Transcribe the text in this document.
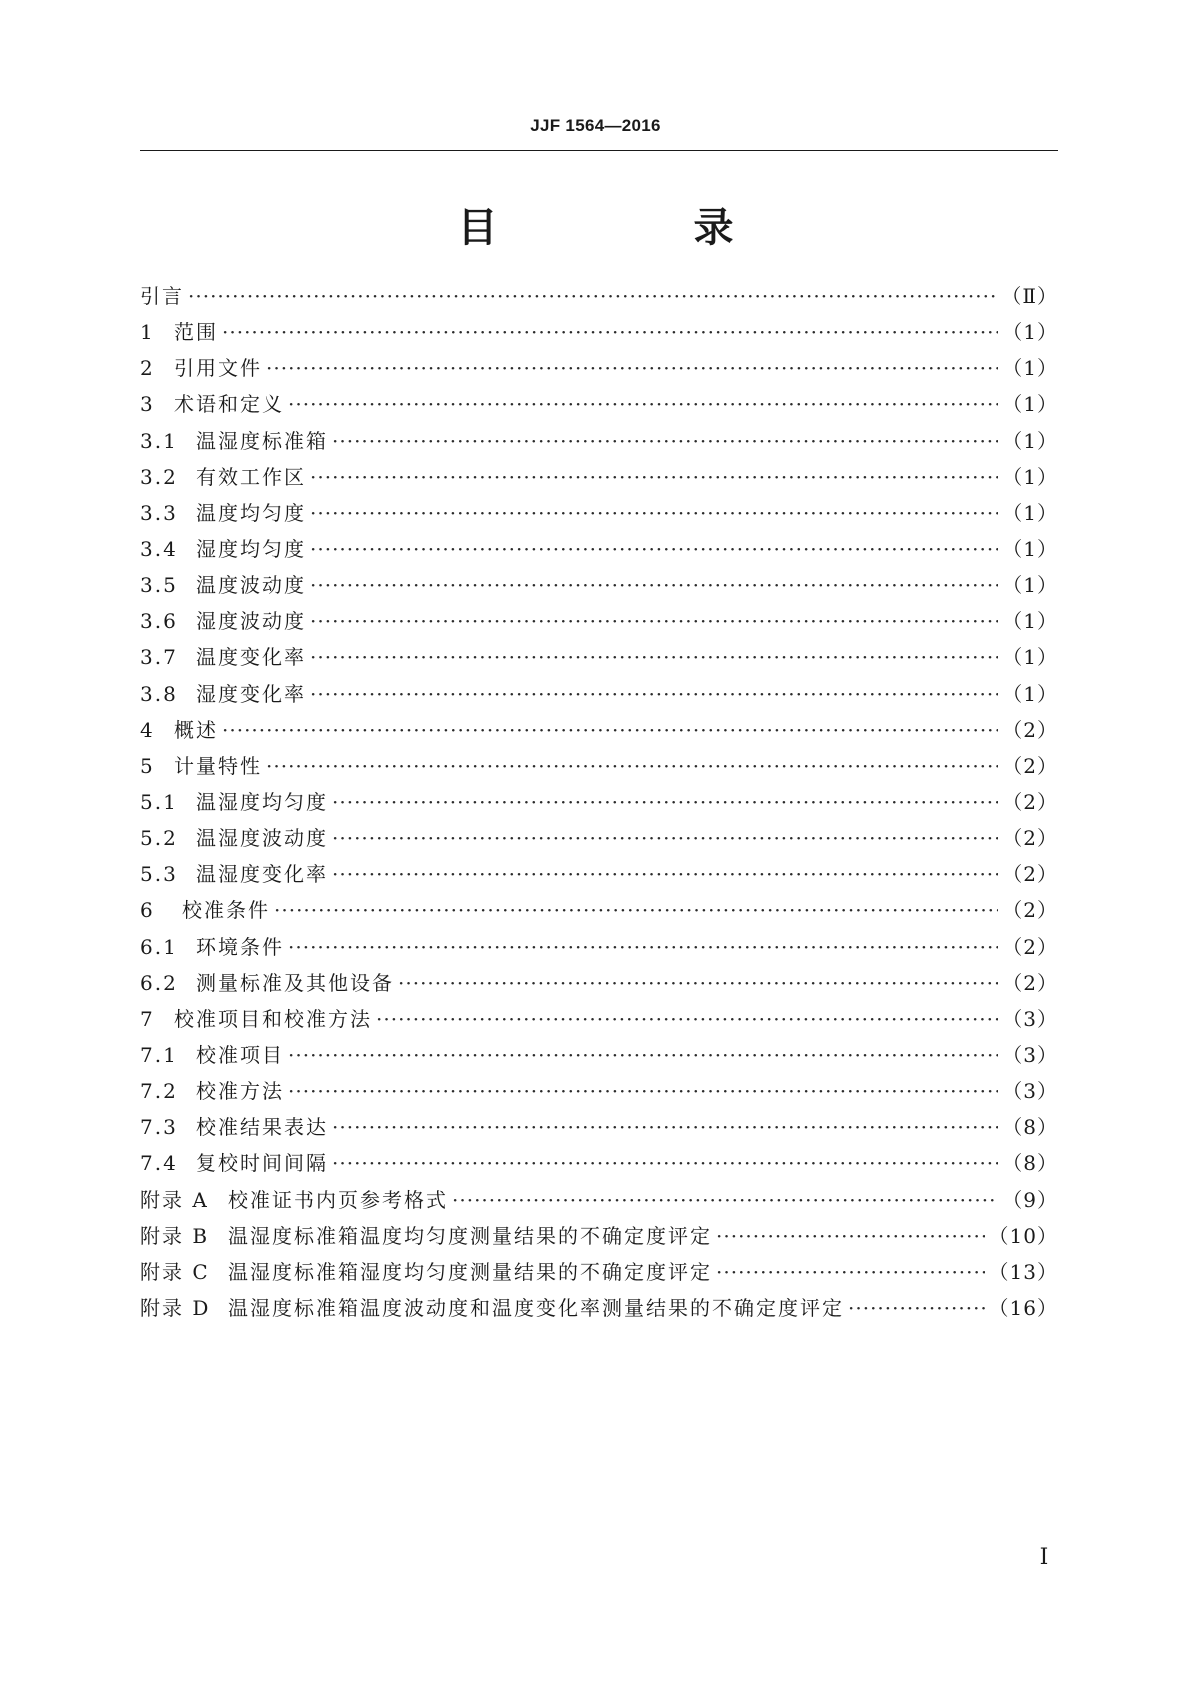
JJF 1564—2016
目　录
引言 ·····	（Ⅱ）
1 范围 ·····	（1）
2 引用文件 ·····	（1）
3 术语和定义 ·····	（1）
3.1 温湿度标准箱 ·····	（1）
3.2 有效工作区 ·····	（1）
3.3 温度均匀度 ·····	（1）
3.4 湿度均匀度 ·····	（1）
3.5 温度波动度 ·····	（1）
3.6 湿度波动度 ·····	（1）
3.7 温度变化率 ·····	（1）
3.8 湿度变化率 ·····	（1）
4 概述 ·····	（2）
5 计量特性 ·····	（2）
5.1 温湿度均匀度 ·····	（2）
5.2 温湿度波动度 ·····	（2）
5.3 温湿度变化率 ·····	（2）
6	校准条件 ·····	（2）
6.1 环境条件 ·····	（2）
6.2 测量标准及其他设备 ·····	（2）
7 校准项目和校准方法 ·····	（3）
7.1 校准项目 ·····	（3）
7.2 校准方法 ·····	（3）
7.3 校准结果表达 ·····	（8）
7.4 复校时间间隔 ·····	（8）
附录 A 校准证书内页参考格式 ·····	（9）
附录 B 温湿度标准箱温度均匀度测量结果的不确定度评定 ·····	（10）
附录 C 温湿度标准箱湿度均匀度测量结果的不确定度评定 ·····	（13）
附录 D 温湿度标准箱温度波动度和温度变化率测量结果的不确定度评定 ·····	（16）
Ⅰ
